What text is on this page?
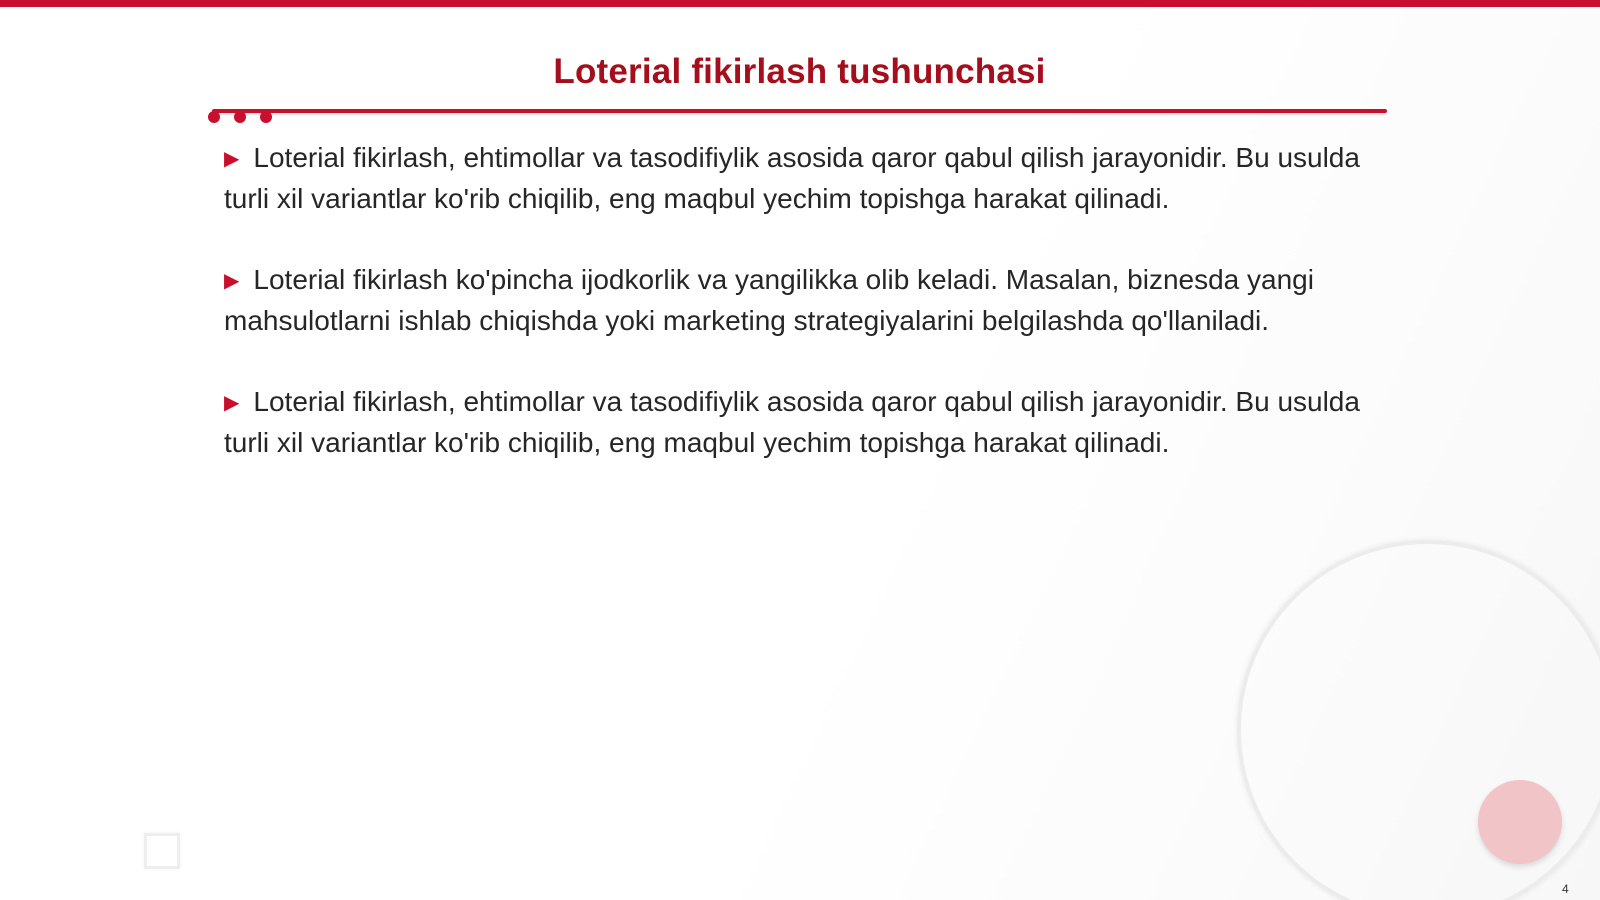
Loterial fikirlash tushunchasi
▶ Loterial fikirlash, ehtimollar va tasodifiylik asosida qaror qabul qilish jarayonidir. Bu usulda turli xil variantlar ko'rib chiqilib, eng maqbul yechim topishga harakat qilinadi.
▶ Loterial fikirlash ko'pincha ijodkorlik va yangilikka olib keladi. Masalan, biznesda yangi mahsulotlarni ishlab chiqishda yoki marketing strategiyalarini belgilashda qo'llaniladi.
▶ Loterial fikirlash, ehtimollar va tasodifiylik asosida qaror qabul qilish jarayonidir. Bu usulda turli xil variantlar ko'rib chiqilib, eng maqbul yechim topishga harakat qilinadi.
4
